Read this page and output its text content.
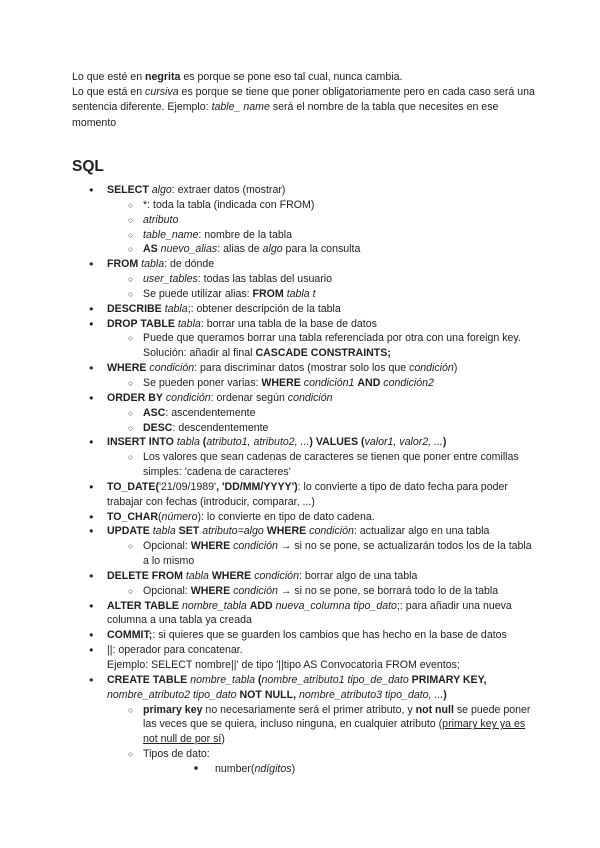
Lo que esté en negrita es porque se pone eso tal cual, nunca cambia.

Lo que está en cursiva es porque se tiene que poner obligatoriamente pero en cada caso será una sentencia diferente. Ejemplo: table_ name será el nombre de la tabla que necesites en ese momento

SQL
● SELECT algo: extraer datos (mostrar)
○ *: toda la tabla (indicada con FROM)
○ atributo
○ table_name: nombre de la tabla
○ AS nuevo_alias: alias de algo para la consulta
● FROM tabla: de dónde
○ user_tables: todas las tablas del usuario
○ Se puede utilizar alias: FROM tabla t
● DESCRIBE tabla;: obtener descripción de la tabla
● DROP TABLE tabla: borrar una tabla de la base de datos
○ Puede que queramos borrar una tabla referenciada por otra con una foreign key. Solución: añadir al final CASCADE CONSTRAINTS;
● WHERE condición: para discriminar datos (mostrar solo los que condición)
○ Se pueden poner varias: WHERE condición1 AND condición2
● ORDER BY condición: ordenar según condición
○ ASC: ascendentemente
○ DESC: descendentemente
● INSERT INTO tabla (atributo1, atributo2, ...) VALUES (valor1, valor2, ...)
○ Los valores que sean cadenas de caracteres se tienen que poner entre comillas simples: 'cadena de caracteres'
● TO_DATE('21/09/1989', 'DD/MM/YYYY'): lo convierte a tipo de dato fecha para poder trabajar con fechas (introducir, comparar, ...)
● TO_CHAR(número): lo convierte en tipo de dato cadena.
● UPDATE tabla SET atributo=algo WHERE condición: actualizar algo en una tabla
○ Opcional: WHERE condición → si no se pone, se actualizarán todos los de la tabla a lo mismo
● DELETE FROM tabla WHERE condición: borrar algo de una tabla
○ Opcional: WHERE condición → si no se pone, se borrará todo lo de la tabla
● ALTER TABLE nombre_tabla ADD nueva_columna tipo_dato;: para añadir una nueva columna a una tabla ya creada
● COMMIT;: si quieres que se guarden los cambios que has hecho en la base de datos
● ||: operador para concatenar.
Ejemplo: SELECT nombre||' de tipo '||tipo AS Convocatoria FROM eventos;
● CREATE TABLE nombre_tabla (nombre_atributo1 tipo_de_dato PRIMARY KEY, nombre_atributo2 tipo_dato NOT NULL, nombre_atributo3 tipo_dato, ...)
○ primary key no necesariamente será el primer atributo, y not null se puede poner las veces que se quiera, incluso ninguna, en cualquier atributo (primary key ya es not null de por sí)
○ Tipos de dato:
■ number(ndígitos)
